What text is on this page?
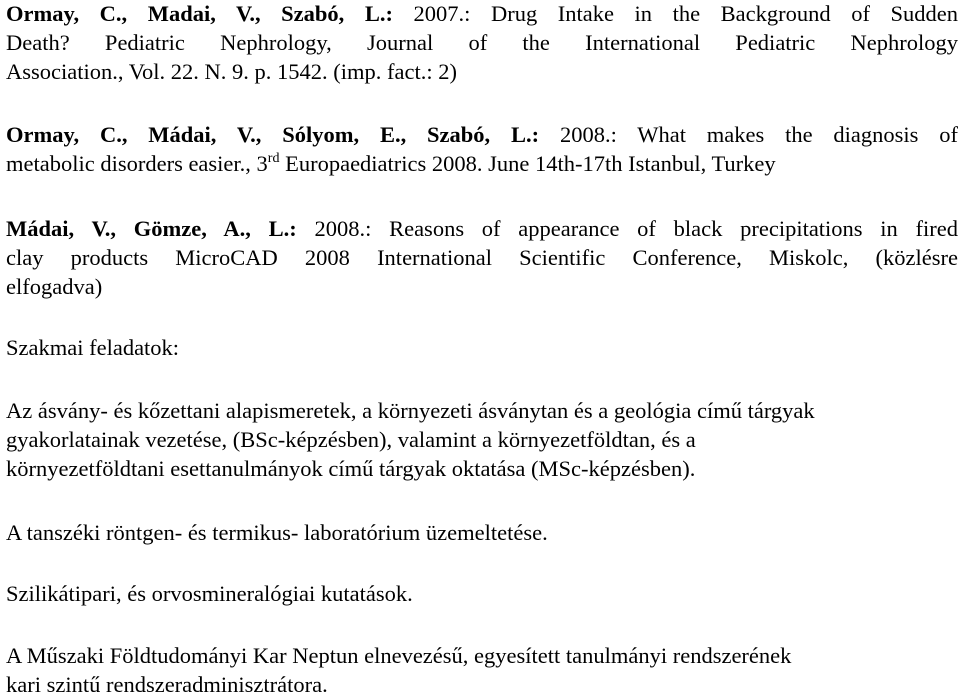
Ormay, C., Madai, V., Szabó, L.: 2007.: Drug Intake in the Background of Sudden
Death? Pediatric Nephrology, Journal of the International Pediatric Nephrology
Association., Vol. 22. N. 9. p. 1542. (imp. fact.: 2)

Ormay, C., Mádai, V., Sólyom, E., Szabó, L.: 2008.: What makes the diagnosis of
metabolic disorders easier., 3rd Europaediatrics 2008. June 14th-17th Istanbul, Turkey

Mádai, V., Gömze, A., L.: 2008.: Reasons of appearance of black precipitations in fired
clay products MicroCAD 2008 International Scientific Conference, Miskolc, (közlésre
elfogadva)

Szakmai feladatok:

Az ásvány- és kőzettani alapismeretek, a környezeti ásványtan és a geológia című tárgyak
gyakorlatainak vezetése, (BSc-képzésben), valamint a környezetföldtan, és a
környezetföldtani esettanulmányok című tárgyak oktatása (MSc-képzésben).

A tanszéki röntgen- és termikus- laboratórium üzemeltetése.

Szilikátipari, és orvosmineralógiai kutatások.

A Műszaki Földtudományi Kar Neptun elnevezésű, egyesített tanulmányi rendszerének
kari szintű rendszeradminisztrátora.
